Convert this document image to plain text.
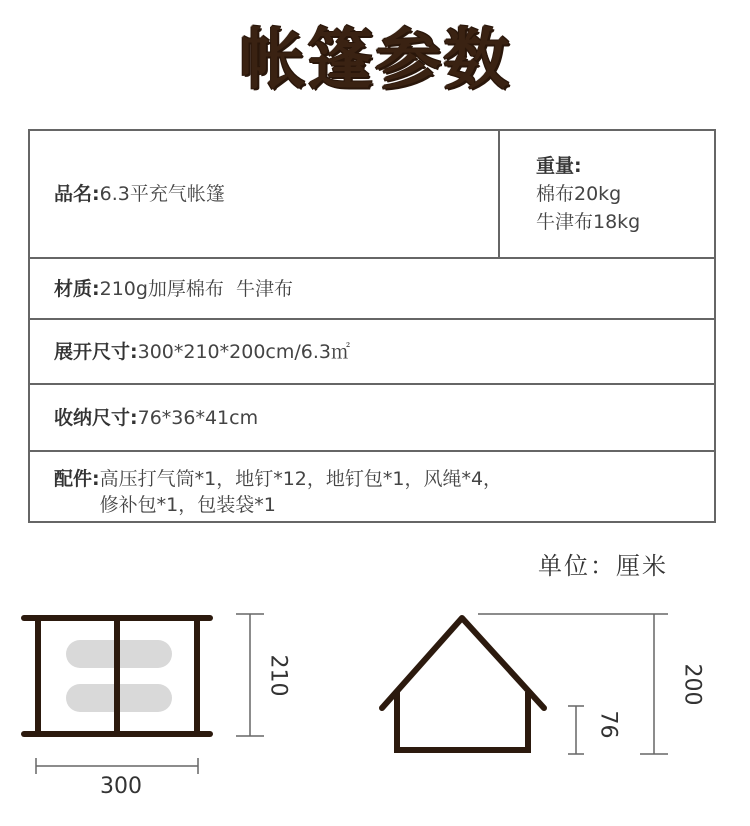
帐篷参数
品名: 6.3平充气帐篷
重量:
棉布20kg
牛津布18kg
材质: 210g加厚棉布  牛津布
展开尺寸: 300*210*200cm/6.3㎡
收纳尺寸: 76*36*41cm
配件: 高压打气筒*1，地钉*12，地钉包*1，风绳*4，
修补包*1，包装袋*1
单位：厘米
210
300
200
76
